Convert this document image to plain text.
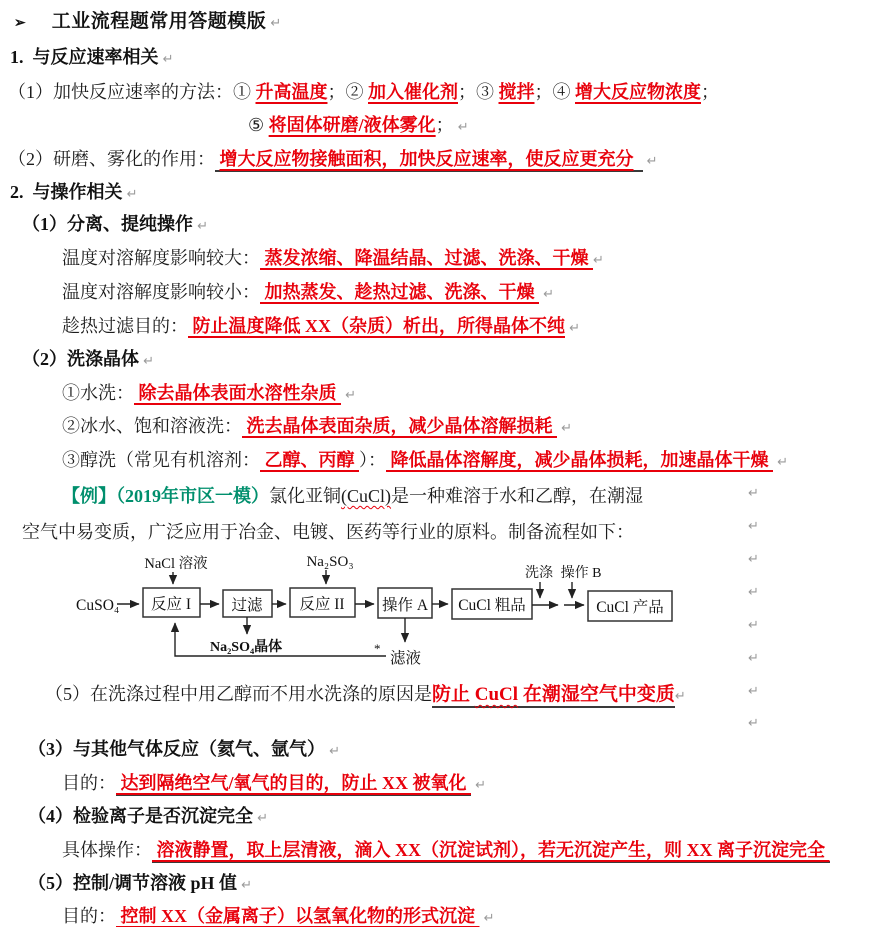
➢ 工业流程题常用答题模版 ↵
1.  与反应速率相关 ↵
（1）加快反应速率的方法：① 升高温度；② 加入催化剂；③ 搅拌；④ 增大反应物浓度；
⑤ 将固体研磨/液体雾化； ↵
（2）研磨、雾化的作用： 增大反应物接触面积，加快反应速率，使反应更充分   ↵
2.  与操作相关 ↵
（1）分离、提纯操作 ↵
温度对溶解度影响较大： 蒸发浓缩、降温结晶、过滤、洗涤、干燥 ↵
温度对溶解度影响较小： 加热蒸发、趁热过滤、洗涤、干燥  ↵
趁热过滤目的： 防止温度降低 XX（杂质）析出，所得晶体不纯 ↵
（2）洗涤晶体 ↵
①水洗： 除去晶体表面水溶性杂质  ↵
②冰水、饱和溶液洗： 洗去晶体表面杂质，减少晶体溶解损耗  ↵
③醇洗（常见有机溶剂： 乙醇、丙醇 ）： 降低晶体溶解度，减少晶体损耗，加速晶体干燥  ↵
【例】（2019年市区一模）氯化亚铜(CuCl)是一种难溶于水和乙醇，在潮湿
空气中易变质，广泛应用于冶金、电镀、医药等行业的原料。制备流程如下：
（5）在洗涤过程中用乙醇而不用水洗涤的原因是防止 CuCl 在潮湿空气中变质↵
（3）与其他气体反应（氦气、氩气） ↵
目的： 达到隔绝空气/氧气的目的，防止 XX 被氧化  ↵
（4）检验离子是否沉淀完全 ↵
具体操作： 溶液静置，取上层清液，滴入 XX（沉淀试剂），若无沉淀产生，则 XX 离子沉淀完全
（5）控制/调节溶液 pH 值 ↵
目的： 控制 XX（金属离子）以氢氧化物的形式沉淀  ↵
↵
↵
↵
↵
↵
↵
↵
↵
CuSO₄
NaCl 溶液	Na₂SO₃
洗涤 操作 B
反应 I	过滤 反应 II 操作 A CuCl 粗品	CuCl 产品
Na₂SO₄晶体
滤液
*
